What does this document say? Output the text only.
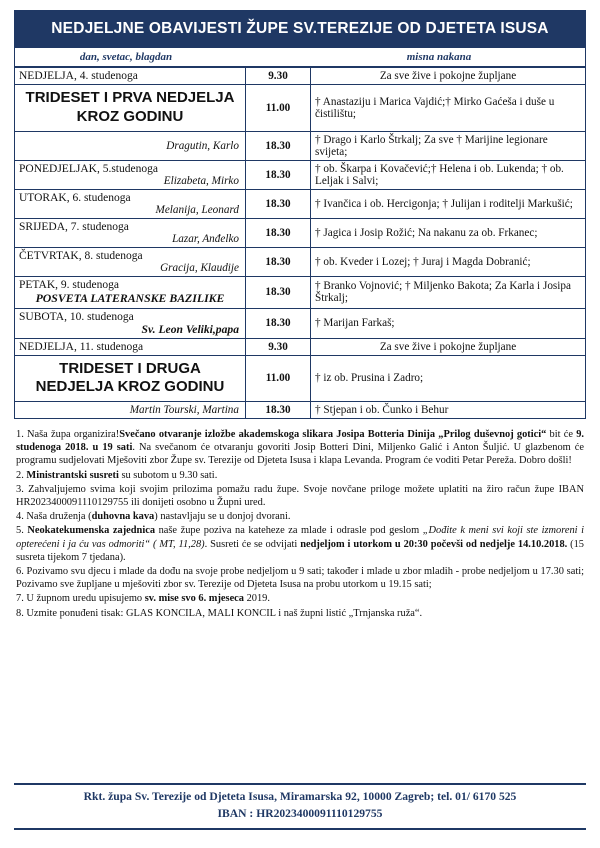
NEDJELJNE OBAVIJESTI ŽUPE SV.TEREZIJE OD DJETETA ISUSA
dan, svetac, blagdan	misna nakana
NEDJELJA, 4. studenoga	9.30	Za sve žive i pokojne župljane

TRIDESET I PRVA NEDJELJA
KROZ GODINU	11.00	† Anastaziju i Marica Vajdić;† Mirko Gaćeša i duše u čistilištu;

Dragutin, Karlo	18.30	† Drago i Karlo Štrkalj; Za sve † Marijine legionare svijeta;

PONEDJELJAK, 5.studenoga
Elizabeta, Mirko	18.30	† ob. Škarpa i Kovačević;† Helena i ob. Lukenda; † ob. Leljak i Salvi;

UTORAK, 6. studenoga
Melanija, Leonard	18.30	† Ivančica i ob. Hercigonja; † Julijan i roditelji Markušić;

SRIJEDA, 7. studenoga
Lazar, Anđelko	18.30	† Jagica i Josip Rožić; Na nakanu za ob. Frkanec;

ČETVRTAK, 8. studenoga
Gracija, Klaudije	18.30	† ob. Kveder i Lozej; † Juraj i Magda Dobranić;

PETAK, 9. studenoga
POSVETA LATERANSKE BAZILIKE	18.30	† Branko Vojnović; † Miljenko Bakota; Za Karla i Josipa Štrkalj;

SUBOTA, 10. studenoga
Sv. Leon Veliki,papa	18.30	† Marijan Farkaš;

NEDJELJA, 11. studenoga	9.30	Za sve žive i pokojne župljane

TRIDESET I DRUGA
NEDJELJA KROZ GODINU	11.00	† iz ob. Prusina i Zadro;

Martin Tourski, Martina	18.30	† Stjepan i ob. Čunko i Behur

1. Naša župa organizira!Svečano otvaranje izložbe akademskoga slikara Josipa Botteria Dinija „Prilog duševnoj gotici“ bit će 9. studenoga 2018. u 19 sati. Na svečanom će otvaranju govoriti Josip Botteri Dini, Miljenko Galić i Anton Šuljić. U glazbenom će programu sudjelovati Mješoviti zbor Župe sv. Terezije od Djeteta Isusa i klapa Levanda. Program će voditi Petar Pereža. Dobro došli!

2. Ministrantski susreti su subotom u 9.30 sati.

3. Zahvaljujemo svima koji svojim prilozima pomažu radu župe. Svoje novčane priloge možete uplatiti na žiro račun župe IBAN HR2023400091110129755 ili donijeti osobno u Župni ured.

4. Naša druženja (duhovna kava) nastavljaju se u donjoj dvorani.

5. Neokatekumenska zajednica naše župe poziva na kateheze za mlade i odrasle pod geslom „Dođite k meni svi koji ste izmoreni i opterećeni i ja ću vas odmoriti“ ( MT, 11,28). Susreti će se odvijati nedjeljom i utorkom u 20:30 počevši od nedjelje 14.10.2018. (15 susreta tijekom 7 tjedana).

6. Pozivamo svu djecu i mlade da dođu na svoje probe nedjeljom u 9 sati; također i mlade u zbor mladih - probe nedjeljom u 17.30 sati; Pozivamo sve župljane u mješoviti zbor sv. Terezije od Djeteta Isusa na probu utorkom u 19.15 sati;

7. U župnom uredu upisujemo sv. mise svo 6. mjeseca 2019.

8. Uzmite ponuđeni tisak: GLAS KONCILA, MALI KONCIL i naš župni listić „Trnjanska ruža“.

Rkt. župa Sv. Terezije od Djeteta Isusa, Miramarska 92, 10000 Zagreb; tel. 01/ 6170 525
IBAN : HR2023400091110129755
